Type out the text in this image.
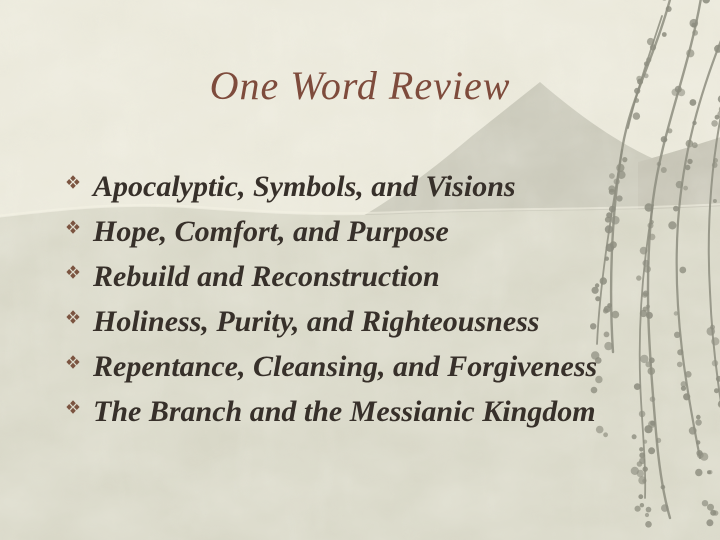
One Word Review
Apocalyptic, Symbols, and Visions
Hope, Comfort, and Purpose
Rebuild and Reconstruction
Holiness, Purity, and Righteousness
Repentance, Cleansing, and Forgiveness
The Branch and the Messianic Kingdom
